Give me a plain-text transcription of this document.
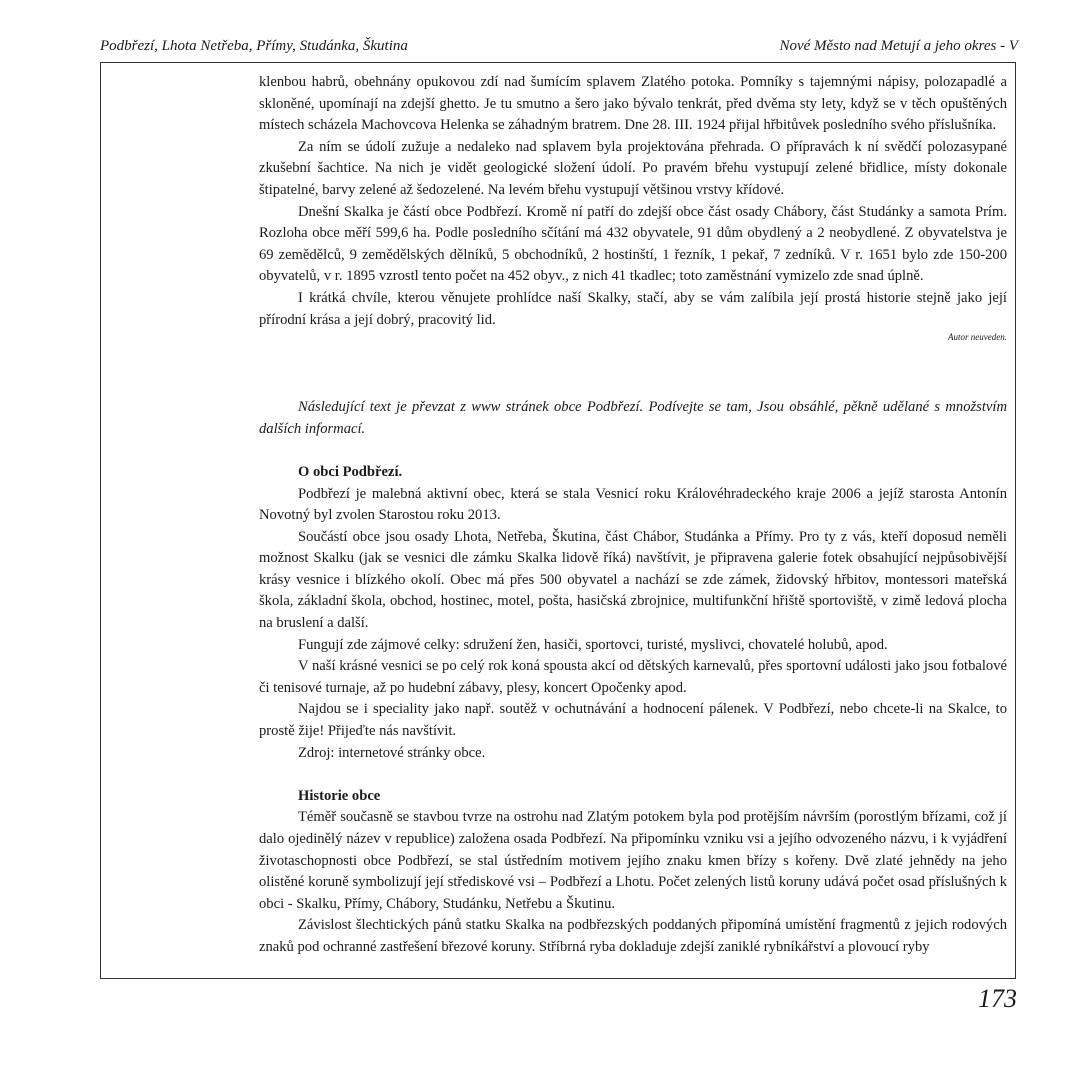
Podbřezí, Lhota Netřeba, Přímy, Studánka, Škutina	Nové Město nad Metují a jeho okres - V

klenbou habrů, obehnány opukovou zdí nad šumícím splavem Zlatého potoka. Pomníky s tajemnými nápisy, polozapadlé a skloněné, upomínají na zdejší ghetto. Je tu smutno a šero jako bývalo tenkrát, před dvěma sty lety, když se v těch opuštěných místech scházela Machovcova Helenka se záhadným bratrem. Dne 28. III. 1924 přijal hřbitůvek posledního svého příslušníka.

Za ním se údolí zužuje a nedaleko nad splavem byla projektována přehrada. O přípravách k ní svědčí polozasypané zkušební šachtice. Na nich je vidět geologické složení údolí. Po pravém břehu vystupují zelené břidlice, místy dokonale štipatelné, barvy zelené až šedozelené. Na levém břehu vystupují většinou vrstvy křídové.

Dnešní Skalka je částí obce Podbřezí. Kromě ní patří do zdejší obce část osady Chábory, část Studánky a samota Prím. Rozloha obce měří 599,6 ha. Podle posledního sčítání má 432 obyvatele, 91 dům obydlený a 2 neobydlené. Z obyvatelstva je 69 zemědělců, 9 zemědělských dělníků, 5 obchodníků, 2 hostinští, 1 řezník, 1 pekař, 7 zedníků. V r. 1651 bylo zde 150-200 obyvatelů, v r. 1895 vzrostl tento počet na 452 obyv., z nich 41 tkadlec; toto zaměstnání vymizelo zde snad úplně.

I krátká chvíle, kterou věnujete prohlídce naší Skalky, stačí, aby se vám zalíbila její prostá historie stejně jako její přírodní krása a její dobrý, pracovitý lid.

Autor neuveden.

Následující text je převzat z www stránek obce Podbřezí. Podívejte se tam, Jsou obsáhlé, pěkně udělané s množstvím dalších informací.

O obci Podbřezí.

Podbřezí je malebná aktivní obec, která se stala Vesnicí roku Královéhradeckého kraje 2006 a jejíž starosta Antonín Novotný byl zvolen Starostou roku 2013.

Součástí obce jsou osady Lhota, Netřeba, Škutina, část Chábor, Studánka a Přímy. Pro ty z vás, kteří doposud neměli možnost Skalku (jak se vesnici dle zámku Skalka lidově říká) navštívit, je připravena galerie fotek obsahující nejpůsobivější krásy vesnice i blízkého okolí. Obec má přes 500 obyvatel a nachází se zde zámek, židovský hřbitov, montessori mateřská škola, základní škola, obchod, hostinec, motel, pošta, hasičská zbrojnice, multifunkční hřiště sportoviště, v zimě ledová plocha na bruslení a další.

Fungují zde zájmové celky: sdružení žen, hasiči, sportovci, turisté, myslivci, chovatelé holubů, apod.

V naší krásné vesnici se po celý rok koná spousta akcí od dětských karnevalů, přes sportovní události jako jsou fotbalové či tenisové turnaje, až po hudební zábavy, plesy, koncert Opočenky apod.

Najdou se i speciality jako např. soutěž v ochutnávání a hodnocení pálenek. V Podbřezí, nebo chcete-li na Skalce, to prostě žije! Přijeďte nás navštívit.

Zdroj: internetové stránky obce.

Historie obce

Téměř současně se stavbou tvrze na ostrohu nad Zlatým potokem byla pod protějším návrším (porostlým břízami, což jí dalo ojedinělý název v republice) založena osada Podbřezí. Na připomínku vzniku vsi a jejího odvozeného názvu, i k vyjádření životaschopnosti obce Podbřezí, se stal ústředním motivem jejího znaku kmen břízy s kořeny. Dvě zlaté jehnědy na jeho olistěné koruně symbolizují její střediskové vsi – Podbřezí a Lhotu. Počet zelených listů koruny udává počet osad příslušných k obci - Skalku, Přímy, Chábory, Studánku, Netřebu a Škutinu.

Závislost šlechtických pánů statku Skalka na podbřezských poddaných připomíná umístění fragmentů z jejich rodových znaků pod ochranné zastřešení březové koruny. Stříbrná ryba dokladuje zdejší zaniklé rybníkářství a plovoucí ryby

173
